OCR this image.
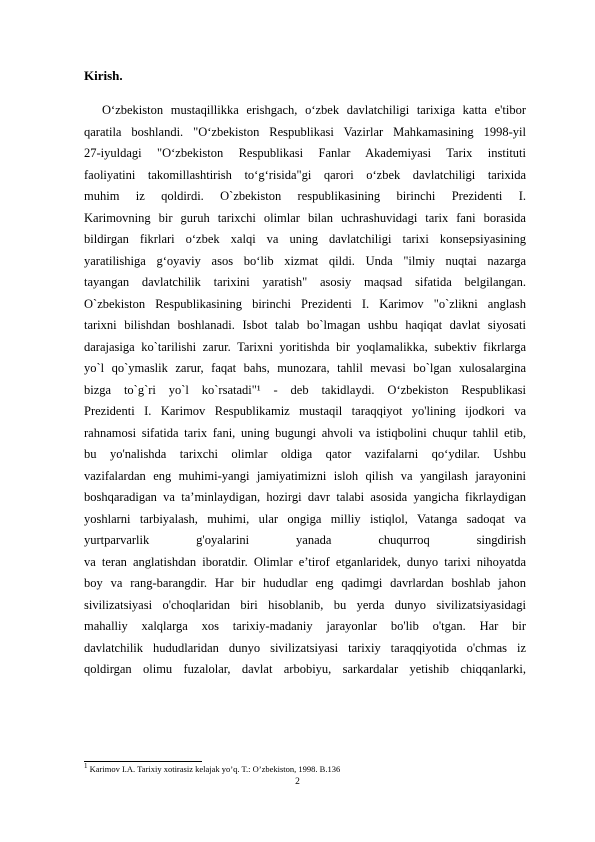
Kirish.
O‘zbekiston mustaqillikka erishgach, o‘zbek davlatchiligi tarixiga katta e'tibor
qaratila boshlandi. "O‘zbekiston Respublikasi Vazirlar Mahkamasining 1998-yil
27-iyuldagi "O‘zbekiston Respublikasi Fanlar Akademiyasi Tarix instituti
faoliyatini takomillashtirish to‘g‘risida"gi qarori o‘zbek davlatchiligi tarixida
muhim iz qoldirdi. O`zbekiston respublikasining birinchi Prezidenti I.
Karimovning bir guruh tarixchi olimlar bilan uchrashuvidagi tarix fani borasida
bildirgan fikrlari o‘zbek xalqi va uning davlatchiligi tarixi konsepsiyasining
yaratilishiga g‘oyaviy asos bo‘lib xizmat qildi. Unda "ilmiy nuqtai nazarga
tayangan davlatchilik tarixini yaratish" asosiy maqsad sifatida belgilangan.
O`zbekiston Respublikasining birinchi Prezidenti I. Karimov "o`zlikni anglash
tarixni bilishdan boshlanadi. Isbot talab bo`lmagan ushbu haqiqat davlat siyosati
darajasiga ko`tarilishi zarur. Tarixni yoritishda bir yoqlamalikka, subektiv fikrlarga
yo`l qo`ymaslik zarur, faqat bahs, munozara, tahlil mevasi bo`lgan xulosalargina
bizga to`g`ri yo`l ko`rsatadi"¹ - deb takidlaydi. O‘zbekiston Respublikasi
Prezidenti I. Karimov Respublikamiz mustaqil taraqqiyot yo'lining ijodkori va
rahnamosi sifatida tarix fani, uning bugungi ahvoli va istiqbolini chuqur tahlil etib,
bu yo'nalishda tarixchi olimlar oldiga qator vazifalarni qo‘ydilar. Ushbu
vazifalardan eng muhimi-yangi jamiyatimizni isloh qilish va yangilash jarayonini
boshqaradigan va ta’minlaydigan, hozirgi davr talabi asosida yangicha fikrlaydigan
yoshlarni tarbiyalash, muhimi, ular ongiga milliy istiqlol, Vatanga sadoqat va
yurtparvarlik g'oyalarini yanada chuqurroq singdirish
va teran anglatishdan iboratdir. Olimlar e’tirof etganlaridek, dunyo tarixi nihoyatda
boy va rang-barangdir. Har bir hududlar eng qadimgi davrlardan boshlab jahon
sivilizatsiyasi o'choqlaridan biri hisoblanib, bu yerda dunyo sivilizatsiyasidagi
mahalliy xalqlarga xos tarixiy-madaniy jarayonlar bo'lib o'tgan. Har bir
davlatchilik hududlaridan dunyo sivilizatsiyasi tarixiy taraqqiyotida o'chmas iz
qoldirgan olimu fuzalolar, davlat arbobiyu, sarkardalar yetishib chiqqanlarki,
$^1$ Karimov I.A. Tarixiy xotirasiz kelajak yo’q. T.: O’zbekiston, 1998. B.136
2
